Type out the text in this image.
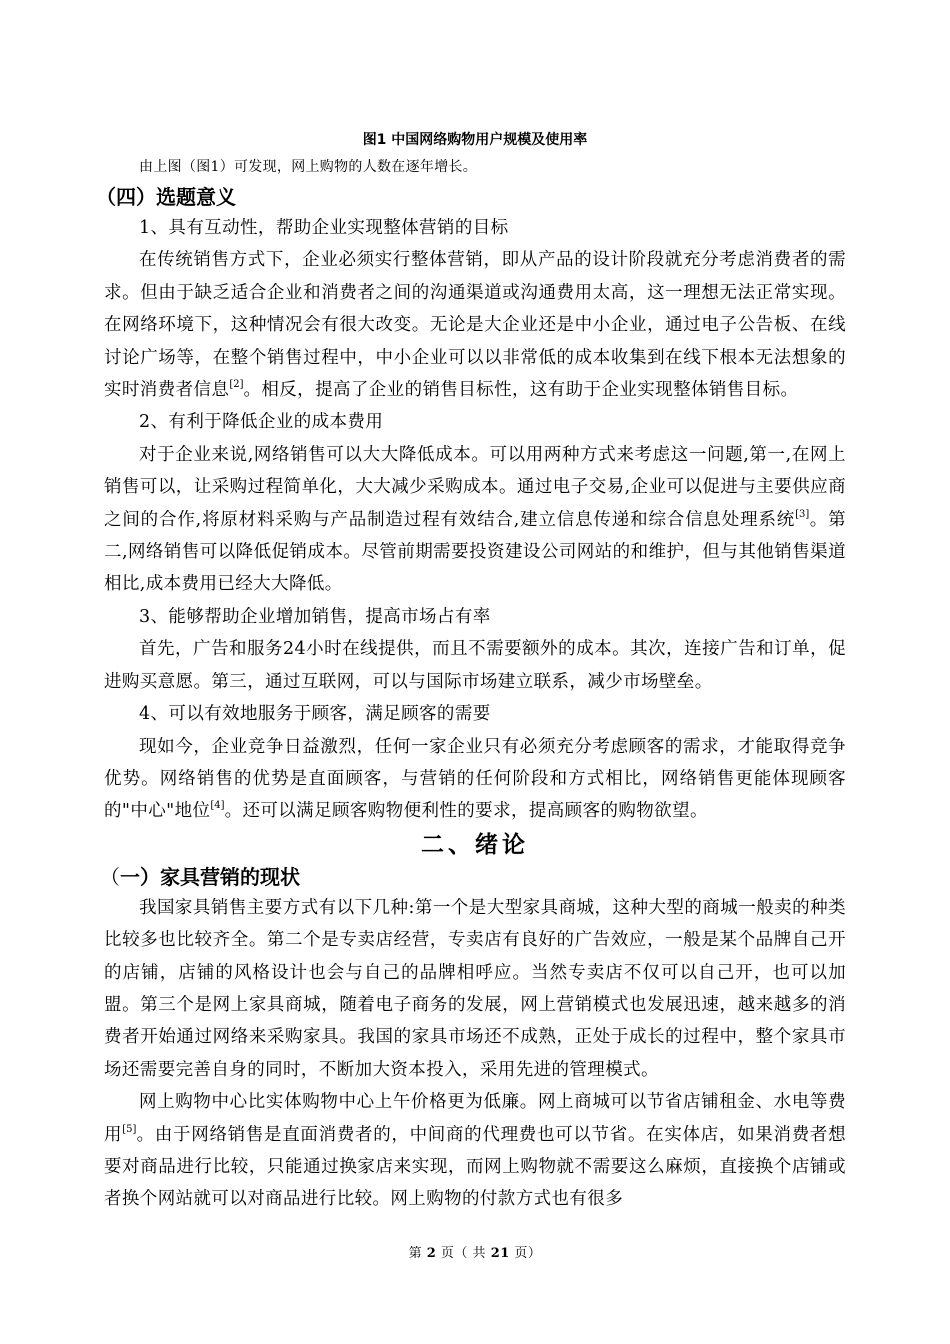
图1 中国网络购物用户规模及使用率

由上图（图1）可发现，网上购物的人数在逐年增长。

（四）选题意义

1、具有互动性，帮助企业实现整体营销的目标

在传统销售方式下，企业必须实行整体营销，即从产品的设计阶段就充分考虑消费者的需求。但由于缺乏适合企业和消费者之间的沟通渠道或沟通费用太高，这一理想无法正常实现。在网络环境下，这种情况会有很大改变。无论是大企业还是中小企业，通过电子公告板、在线讨论广场等，在整个销售过程中，中小企业可以以非常低的成本收集到在线下根本无法想象的实时消费者信息[2]。相反，提高了企业的销售目标性，这有助于企业实现整体销售目标。

2、有利于降低企业的成本费用

对于企业来说,网络销售可以大大降低成本。可以用两种方式来考虑这一问题,第一,在网上销售可以，让采购过程简单化，大大减少采购成本。通过电子交易,企业可以促进与主要供应商之间的合作,将原材料采购与产品制造过程有效结合,建立信息传递和综合信息处理系统[3]。第二,网络销售可以降低促销成本。尽管前期需要投资建设公司网站的和维护，但与其他销售渠道相比,成本费用已经大大降低。

3、能够帮助企业增加销售，提高市场占有率

首先，广告和服务24小时在线提供，而且不需要额外的成本。其次，连接广告和订单，促进购买意愿。第三，通过互联网，可以与国际市场建立联系，减少市场壁垒。

4、可以有效地服务于顾客，满足顾客的需要

现如今，企业竞争日益激烈，任何一家企业只有必须充分考虑顾客的需求，才能取得竞争优势。网络销售的优势是直面顾客，与营销的任何阶段和方式相比，网络销售更能体现顾客的"中心"地位[4]。还可以满足顾客购物便利性的要求，提高顾客的购物欲望。

二、绪论
（一）家具营销的现状

我国家具销售主要方式有以下几种:第一个是大型家具商城，这种大型的商城一般卖的种类比较多也比较齐全。第二个是专卖店经营，专卖店有良好的广告效应，一般是某个品牌自己开的店铺，店铺的风格设计也会与自己的品牌相呼应。当然专卖店不仅可以自己开，也可以加盟。第三个是网上家具商城，随着电子商务的发展，网上营销模式也发展迅速，越来越多的消费者开始通过网络来采购家具。我国的家具市场还不成熟，正处于成长的过程中，整个家具市场还需要完善自身的同时，不断加大资本投入，采用先进的管理模式。

网上购物中心比实体购物中心上午价格更为低廉。网上商城可以节省店铺租金、水电等费用[5]。由于网络销售是直面消费者的，中间商的代理费也可以节省。在实体店，如果消费者想要对商品进行比较，只能通过换家店来实现，而网上购物就不需要这么麻烦，直接换个店铺或者换个网站就可以对商品进行比较。网上购物的付款方式也有很多

第 2 页（ 共 21 页）
